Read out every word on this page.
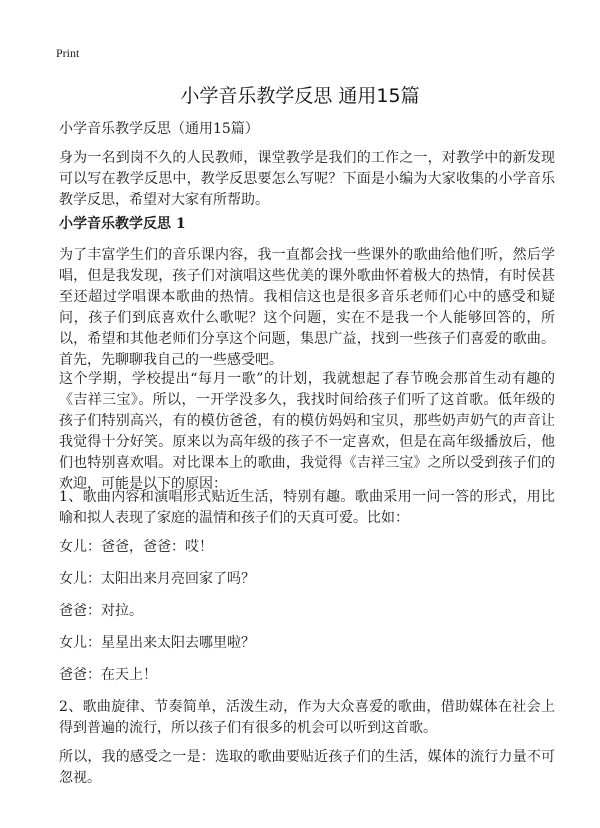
Print
小学音乐教学反思 通用15篇

小学音乐教学反思（通用15篇）

身为一名到岗不久的人民教师，课堂教学是我们的工作之一，对教学中的新发现可以写在教学反思中，教学反思要怎么写呢？下面是小编为大家收集的小学音乐教学反思，希望对大家有所帮助。

小学音乐教学反思 1

为了丰富学生们的音乐课内容，我一直都会找一些课外的歌曲给他们听，然后学唱，但是我发现，孩子们对演唱这些优美的课外歌曲怀着极大的热情，有时侯甚至还超过学唱课本歌曲的热情。我相信这也是很多音乐老师们心中的感受和疑问，孩子们到底喜欢什么歌呢？这个问题，实在不是我一个人能够回答的，所以，希望和其他老师们分享这个问题，集思广益，找到一些孩子们喜爱的歌曲。首先，先聊聊我自己的一些感受吧。

这个学期，学校提出“每月一歌”的计划，我就想起了春节晚会那首生动有趣的《吉祥三宝》。所以，一开学没多久，我找时间给孩子们听了这首歌。低年级的孩子们特别高兴，有的模仿爸爸，有的模仿妈妈和宝贝，那些奶声奶气的声音让我觉得十分好笑。原来以为高年级的孩子不一定喜欢，但是在高年级播放后，他们也特别喜欢唱。对比课本上的歌曲，我觉得《吉祥三宝》之所以受到孩子们的欢迎，可能是以下的原因：

1、歌曲内容和演唱形式贴近生活，特别有趣。歌曲采用一问一答的形式，用比喻和拟人表现了家庭的温情和孩子们的天真可爱。比如：

女儿：爸爸，爸爸：哎！

女儿：太阳出来月亮回家了吗？

爸爸：对拉。

女儿：星星出来太阳去哪里啦？

爸爸：在天上！

2、歌曲旋律、节奏简单，活泼生动，作为大众喜爱的歌曲，借助媒体在社会上得到普遍的流行，所以孩子们有很多的机会可以听到这首歌。

所以，我的感受之一是：选取的歌曲要贴近孩子们的生活，媒体的流行力量不可忽视。
